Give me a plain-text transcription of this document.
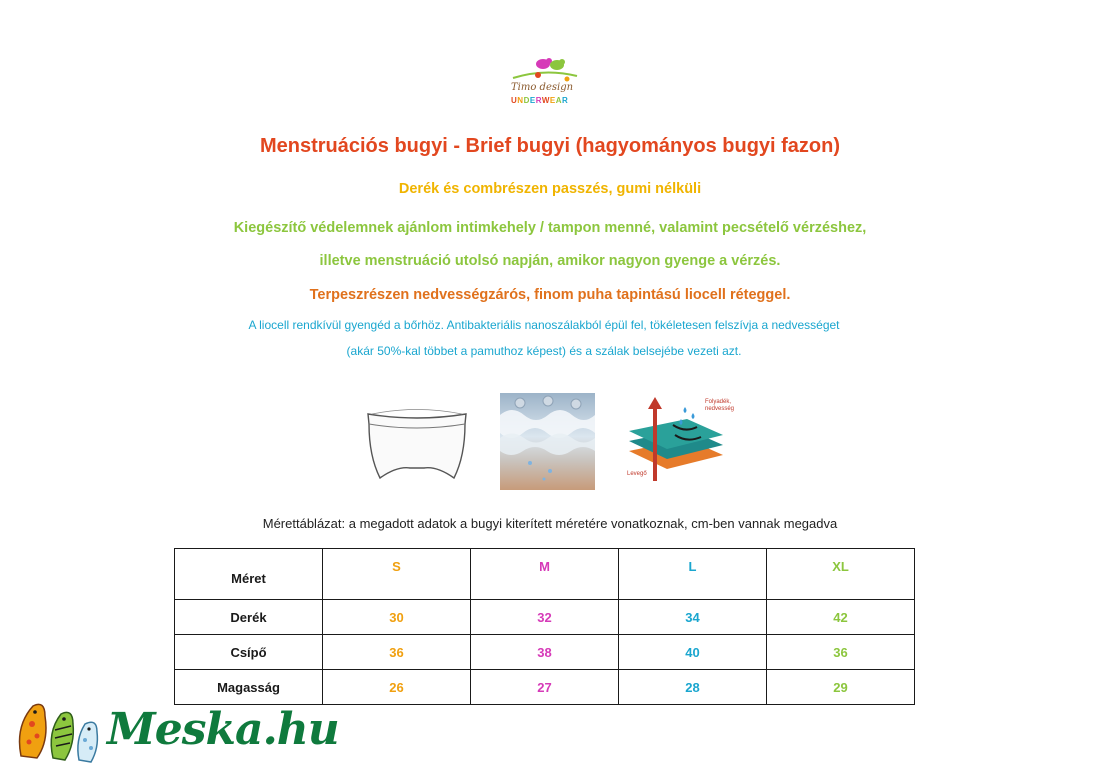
Timo design
UNDERWEAR
Menstruációs bugyi - Brief bugyi (hagyományos bugyi fazon)
Derék és combrészen passzés, gumi nélküli
Kiegészítő védelemnek ajánlom intimkehely / tampon menné, valamint pecsételő vérzéshez,
illetve menstruáció utolsó napján, amikor nagyon gyenge a vérzés.
Terpeszrészen nedvességzárós, finom puha tapintású liocell réteggel.
A liocell rendkívül gyengéd a bőrhöz. Antibakteriális nanoszálakból épül fel, tökéletesen felszívja a nedvességet
(akár 50%-kal többet a pamuthoz képest) és a szálak belsejébe vezeti azt.
Folyadék,
nedvesség
Levegő
Mérettáblázat: a megadott adatok a bugyi kiterített méretére vonatkoznak, cm-ben vannak megadva
Méret	S	M	L	XL
Derék	30	32	34	42
Csípő	36	38	40	36
Magasság	26	27	28	29
Meska.hu
